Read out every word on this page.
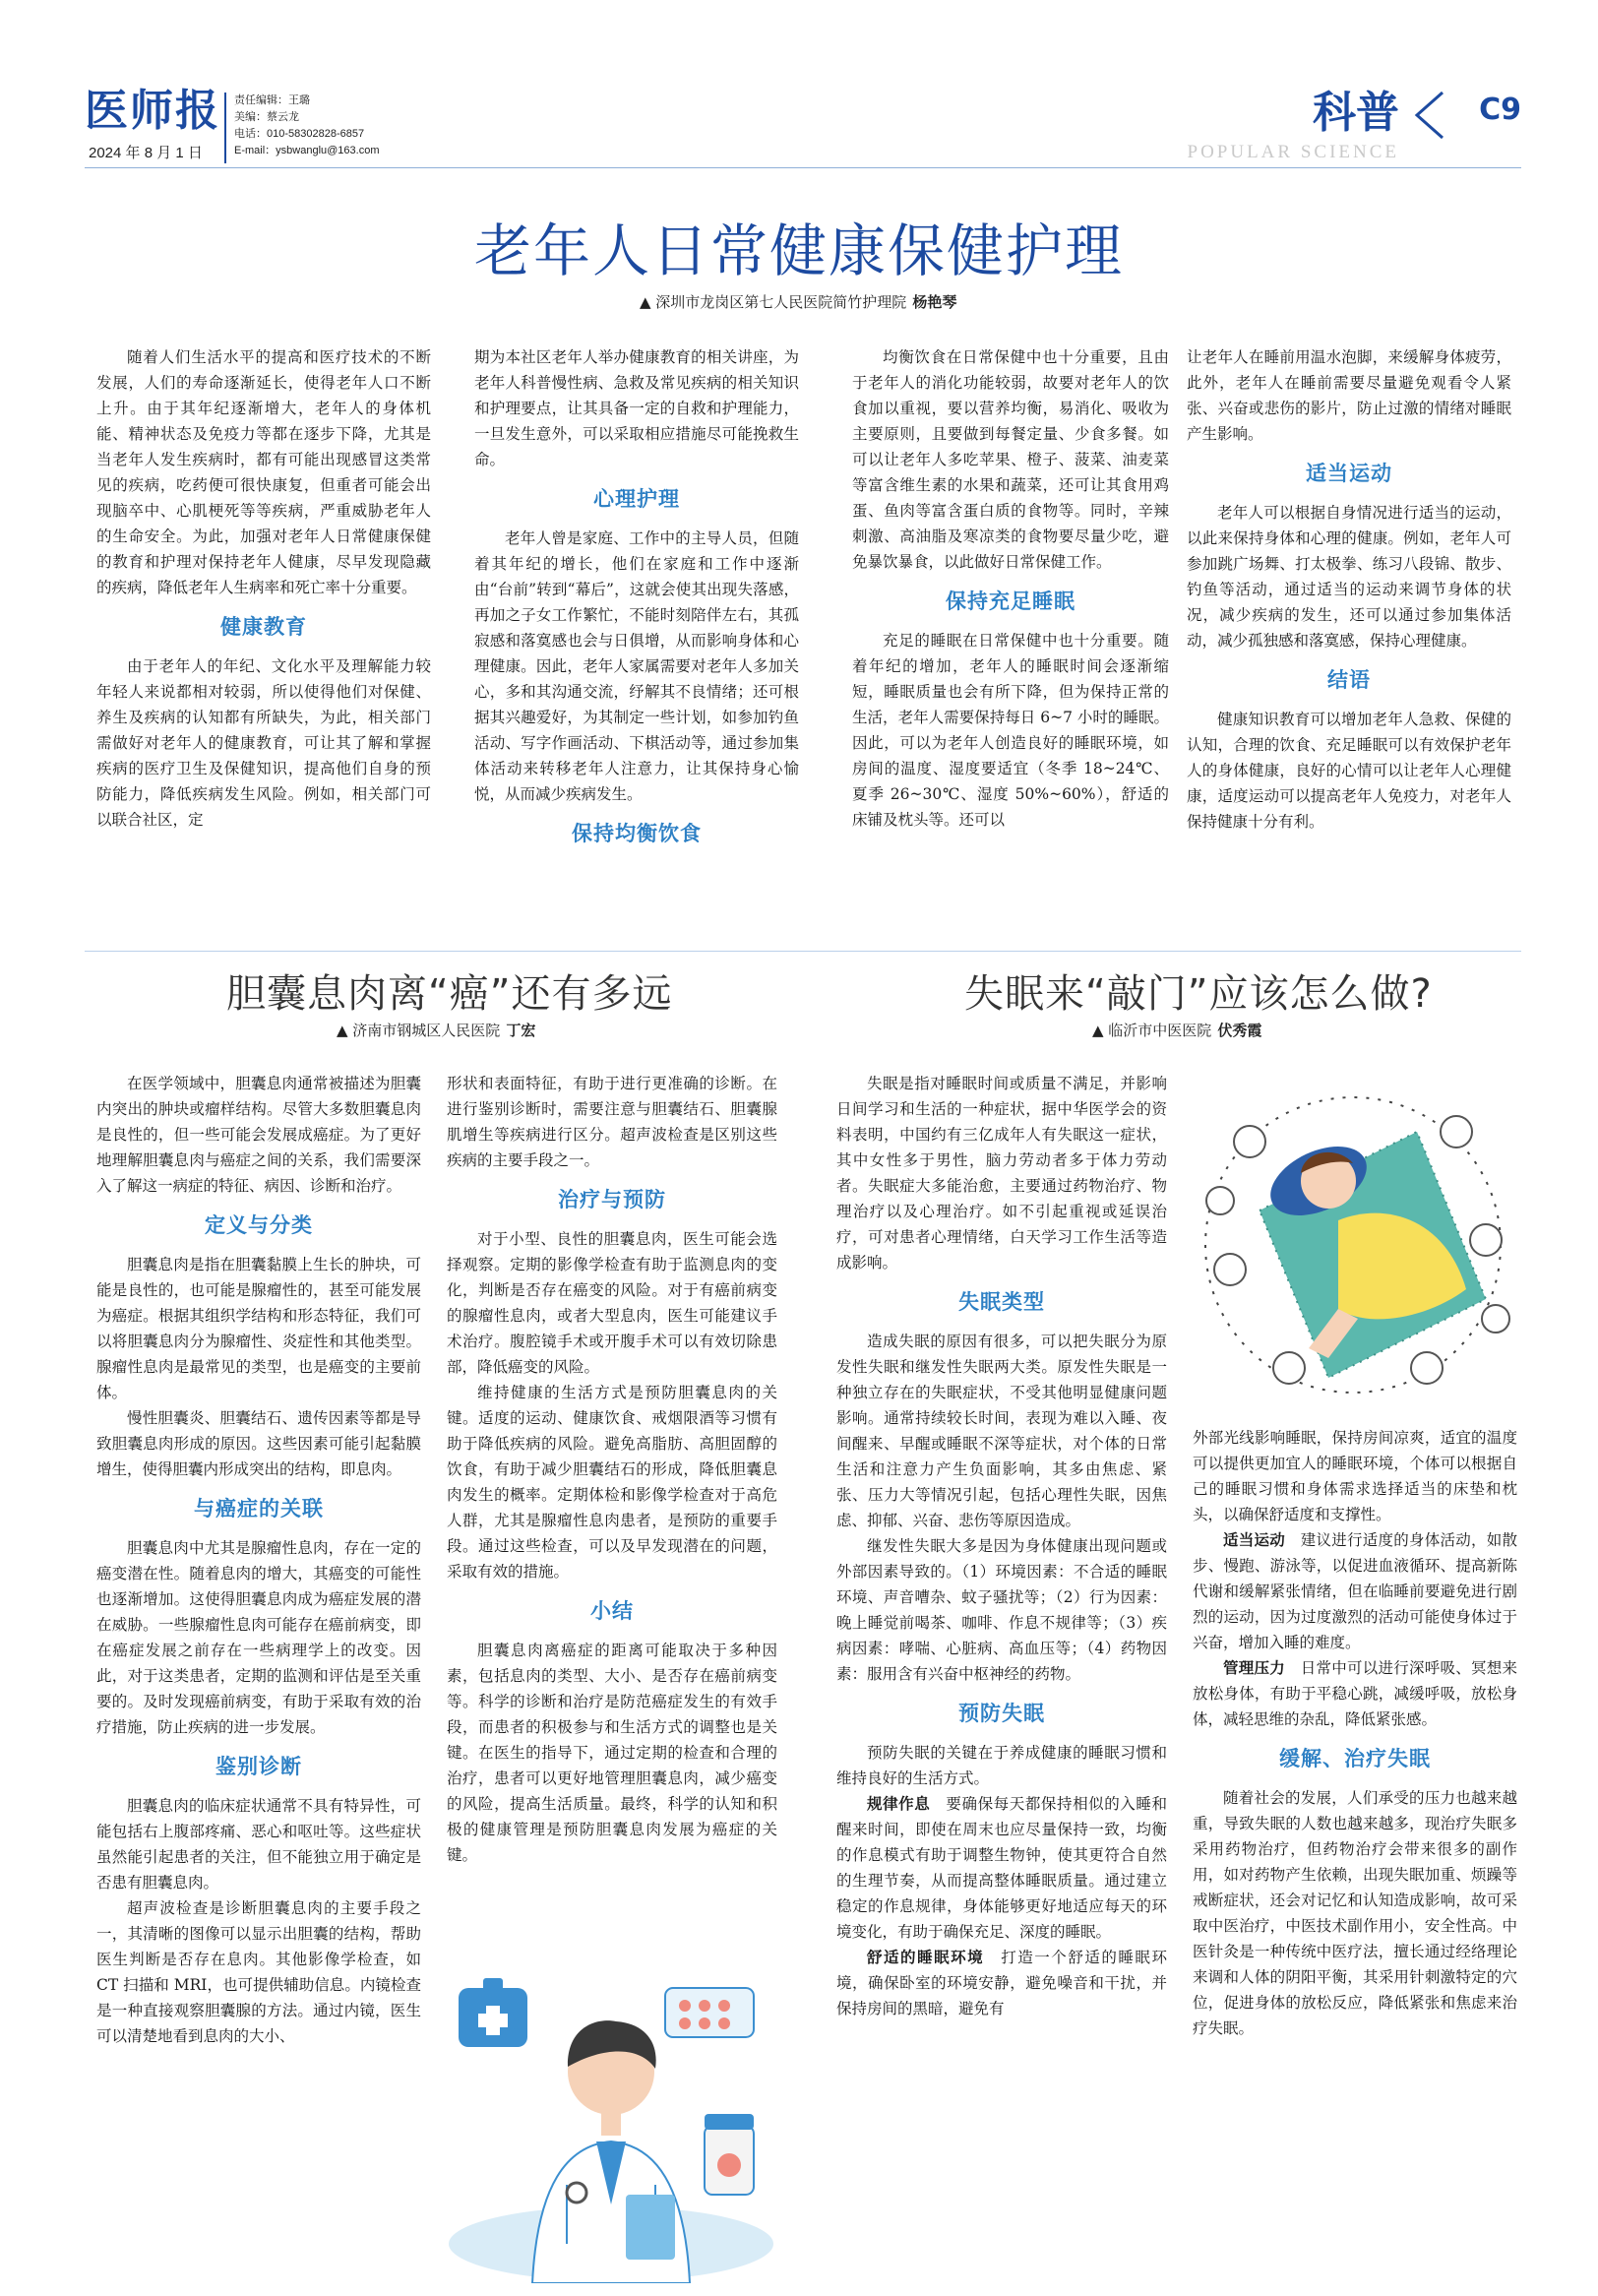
医师报
2024 年 8 月 1 日
责任编辑：王璐
美编：蔡云龙
电话：010-58302828-6857
E-mail：ysbwanglu@163.com
科普
POPULAR SCIENCE
C9
老年人日常健康保健护理
▲ 深圳市龙岗区第七人民医院简竹护理院 杨艳琴

随着人们生活水平的提高和医疗技术的不断发展，人们的寿命逐渐延长，使得老年人口不断上升。由于其年纪逐渐增大，老年人的身体机能、精神状态及免疫力等都在逐步下降，尤其是当老年人发生疾病时，都有可能出现感冒这类常见的疾病，吃药便可很快康复，但重者可能会出现脑卒中、心肌梗死等等疾病，严重威胁老年人的生命安全。为此，加强对老年人日常健康保健的教育和护理对保持老年人健康，尽早发现隐藏的疾病，降低老年人生病率和死亡率十分重要。

健康教育

由于老年人的年纪、文化水平及理解能力较年轻人来说都相对较弱，所以使得他们对保健、养生及疾病的认知都有所缺失，为此，相关部门需做好对老年人的健康教育，可让其了解和掌握疾病的医疗卫生及保健知识，提高他们自身的预防能力，降低疾病发生风险。例如，相关部门可以联合社区，定

期为本社区老年人举办健康教育的相关讲座，为老年人科普慢性病、急救及常见疾病的相关知识和护理要点，让其具备一定的自救和护理能力，一旦发生意外，可以采取相应措施尽可能挽救生命。

心理护理

老年人曾是家庭、工作中的主导人员，但随着其年纪的增长，他们在家庭和工作中逐渐由“台前”转到“幕后”，这就会使其出现失落感，再加之子女工作繁忙，不能时刻陪伴左右，其孤寂感和落寞感也会与日俱增，从而影响身体和心理健康。因此，老年人家属需要对老年人多加关心，多和其沟通交流，纾解其不良情绪；还可根据其兴趣爱好，为其制定一些计划，如参加钓鱼活动、写字作画活动、下棋活动等，通过参加集体活动来转移老年人注意力，让其保持身心愉悦，从而减少疾病发生。

保持均衡饮食

均衡饮食在日常保健中也十分重要，且由于老年人的消化功能较弱，故要对老年人的饮食加以重视，要以营养均衡，易消化、吸收为主要原则，且要做到每餐定量、少食多餐。如可以让老年人多吃苹果、橙子、菠菜、油麦菜等富含维生素的水果和蔬菜，还可让其食用鸡蛋、鱼肉等富含蛋白质的食物等。同时，辛辣刺激、高油脂及寒凉类的食物要尽量少吃，避免暴饮暴食，以此做好日常保健工作。

保持充足睡眠

充足的睡眠在日常保健中也十分重要。随着年纪的增加，老年人的睡眠时间会逐渐缩短，睡眠质量也会有所下降，但为保持正常的生活，老年人需要保持每日 6~7 小时的睡眠。因此，可以为老年人创造良好的睡眠环境，如房间的温度、湿度要适宜（冬季 18~24℃、夏季 26~30℃、湿度 50%~60%），舒适的床铺及枕头等。还可以

让老年人在睡前用温水泡脚，来缓解身体疲劳，此外，老年人在睡前需要尽量避免观看令人紧张、兴奋或悲伤的影片，防止过激的情绪对睡眠产生影响。

适当运动

老年人可以根据自身情况进行适当的运动，以此来保持身体和心理的健康。例如，老年人可参加跳广场舞、打太极拳、练习八段锦、散步、钓鱼等活动，通过适当的运动来调节身体的状况，减少疾病的发生，还可以通过参加集体活动，减少孤独感和落寞感，保持心理健康。

结语

健康知识教育可以增加老年人急救、保健的认知，合理的饮食、充足睡眠可以有效保护老年人的身体健康，良好的心情可以让老年人心理健康，适度运动可以提高老年人免疫力，对老年人保持健康十分有利。

胆囊息肉离“癌”还有多远
▲ 济南市钢城区人民医院 丁宏

在医学领域中，胆囊息肉通常被描述为胆囊内突出的肿块或瘤样结构。尽管大多数胆囊息肉是良性的，但一些可能会发展成癌症。为了更好地理解胆囊息肉与癌症之间的关系，我们需要深入了解这一病症的特征、病因、诊断和治疗。

定义与分类

胆囊息肉是指在胆囊黏膜上生长的肿块，可能是良性的，也可能是腺瘤性的，甚至可能发展为癌症。根据其组织学结构和形态特征，我们可以将胆囊息肉分为腺瘤性、炎症性和其他类型。腺瘤性息肉是最常见的类型，也是癌变的主要前体。

慢性胆囊炎、胆囊结石、遗传因素等都是导致胆囊息肉形成的原因。这些因素可能引起黏膜增生，使得胆囊内形成突出的结构，即息肉。

与癌症的关联

胆囊息肉中尤其是腺瘤性息肉，存在一定的癌变潜在性。随着息肉的增大，其癌变的可能性也逐渐增加。这使得胆囊息肉成为癌症发展的潜在威胁。一些腺瘤性息肉可能存在癌前病变，即在癌症发展之前存在一些病理学上的改变。因此，对于这类患者，定期的监测和评估是至关重要的。及时发现癌前病变，有助于采取有效的治疗措施，防止疾病的进一步发展。

鉴别诊断

胆囊息肉的临床症状通常不具有特异性，可能包括右上腹部疼痛、恶心和呕吐等。这些症状虽然能引起患者的关注，但不能独立用于确定是否患有胆囊息肉。

超声波检查是诊断胆囊息肉的主要手段之一，其清晰的图像可以显示出胆囊的结构，帮助医生判断是否存在息肉。其他影像学检查，如 CT 扫描和 MRI，也可提供辅助信息。内镜检查是一种直接观察胆囊腺的方法。通过内镜，医生可以清楚地看到息肉的大小、

形状和表面特征，有助于进行更准确的诊断。在进行鉴别诊断时，需要注意与胆囊结石、胆囊腺肌增生等疾病进行区分。超声波检查是区别这些疾病的主要手段之一。

治疗与预防

对于小型、良性的胆囊息肉，医生可能会选择观察。定期的影像学检查有助于监测息肉的变化，判断是否存在癌变的风险。对于有癌前病变的腺瘤性息肉，或者大型息肉，医生可能建议手术治疗。腹腔镜手术或开腹手术可以有效切除患部，降低癌变的风险。

维持健康的生活方式是预防胆囊息肉的关键。适度的运动、健康饮食、戒烟限酒等习惯有助于降低疾病的风险。避免高脂肪、高胆固醇的饮食，有助于减少胆囊结石的形成，降低胆囊息肉发生的概率。定期体检和影像学检查对于高危人群，尤其是腺瘤性息肉患者，是预防的重要手段。通过这些检查，可以及早发现潜在的问题，采取有效的措施。

小结

胆囊息肉离癌症的距离可能取决于多种因素，包括息肉的类型、大小、是否存在癌前病变等。科学的诊断和治疗是防范癌症发生的有效手段，而患者的积极参与和生活方式的调整也是关键。在医生的指导下，通过定期的检查和合理的治疗，患者可以更好地管理胆囊息肉，减少癌变的风险，提高生活质量。最终，科学的认知和积极的健康管理是预防胆囊息肉发展为癌症的关键。

失眠来“敲门”应该怎么做?
▲ 临沂市中医医院 伏秀霞

失眠是指对睡眠时间或质量不满足，并影响日间学习和生活的一种症状，据中华医学会的资料表明，中国约有三亿成年人有失眠这一症状，其中女性多于男性，脑力劳动者多于体力劳动者。失眠症大多能治愈，主要通过药物治疗、物理治疗以及心理治疗。如不引起重视或延误治疗，可对患者心理情绪，白天学习工作生活等造成影响。

失眠类型

造成失眠的原因有很多，可以把失眠分为原发性失眠和继发性失眠两大类。原发性失眠是一种独立存在的失眠症状，不受其他明显健康问题影响。通常持续较长时间，表现为难以入睡、夜间醒来、早醒或睡眠不深等症状，对个体的日常生活和注意力产生负面影响，其多由焦虑、紧张、压力大等情况引起，包括心理性失眠，因焦虑、抑郁、兴奋、悲伤等原因造成。

继发性失眠大多是因为身体健康出现问题或外部因素导致的。（1）环境因素：不合适的睡眠环境、声音嘈杂、蚊子骚扰等；（2）行为因素：晚上睡觉前喝茶、咖啡、作息不规律等；（3）疾病因素：哮喘、心脏病、高血压等；（4）药物因素：服用含有兴奋中枢神经的药物。

预防失眠

预防失眠的关键在于养成健康的睡眠习惯和维持良好的生活方式。

规律作息　 要确保每天都保持相似的入睡和醒来时间，即使在周末也应尽量保持一致，均衡的作息模式有助于调整生物钟，使其更符合自然的生理节奏，从而提高整体睡眠质量。通过建立稳定的作息规律，身体能够更好地适应每天的环境变化，有助于确保充足、深度的睡眠。

舒适的睡眠环境　 打造一个舒适的睡眠环境，确保卧室的环境安静，避免噪音和干扰，并保持房间的黑暗，避免有

外部光线影响睡眠，保持房间凉爽，适宜的温度可以提供更加宜人的睡眠环境，个体可以根据自己的睡眠习惯和身体需求选择适当的床垫和枕头，以确保舒适度和支撑性。

适当运动　 建议进行适度的身体活动，如散步、慢跑、游泳等，以促进血液循环、提高新陈代谢和缓解紧张情绪，但在临睡前要避免进行剧烈的运动，因为过度激烈的活动可能使身体过于兴奋，增加入睡的难度。

管理压力　 日常中可以进行深呼吸、冥想来放松身体，有助于平稳心跳，减缓呼吸，放松身体，减轻思维的杂乱，降低紧张感。

缓解、治疗失眠

随着社会的发展，人们承受的压力也越来越重，导致失眠的人数也越来越多，现治疗失眠多采用药物治疗，但药物治疗会带来很多的副作用，如对药物产生依赖，出现失眠加重、烦躁等戒断症状，还会对记忆和认知造成影响，故可采取中医治疗，中医技术副作用小，安全性高。中医针灸是一种传统中医疗法，擅长通过经络理论来调和人体的阴阳平衡，其采用针刺激特定的穴位，促进身体的放松反应，降低紧张和焦虑来治疗失眠。
